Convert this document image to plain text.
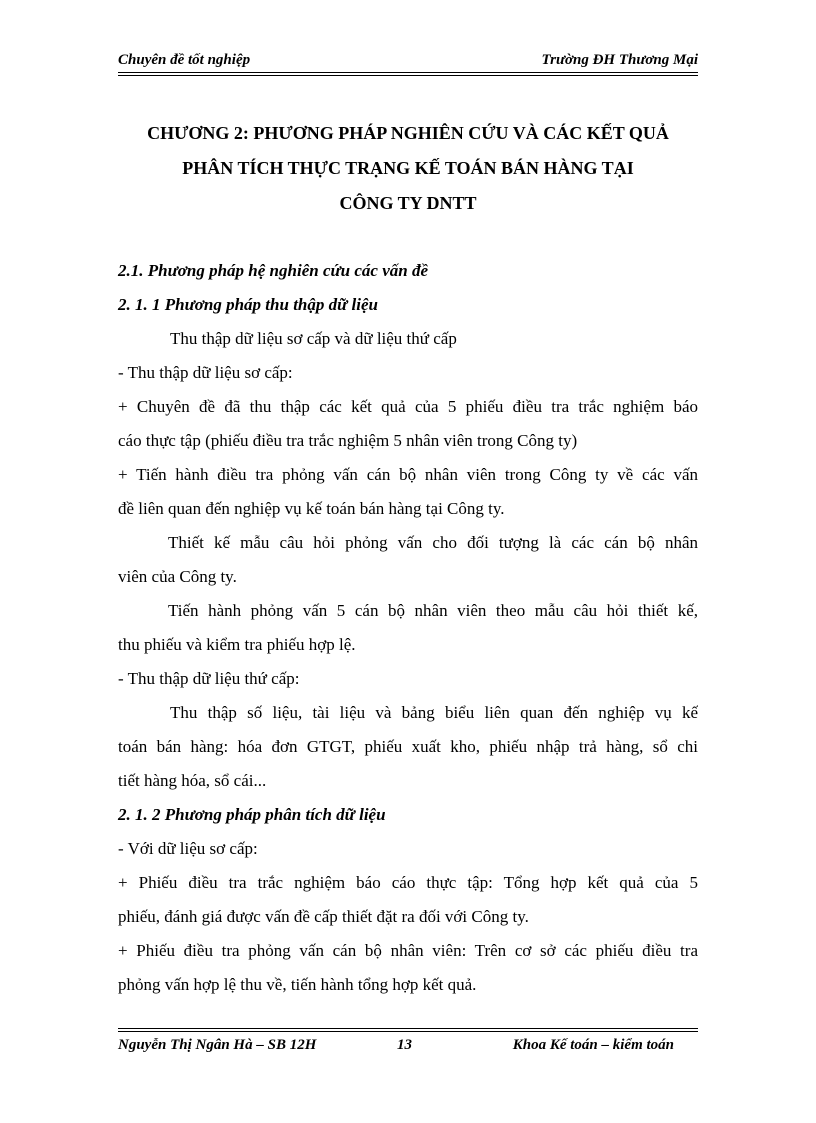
Chuyên đề tốt nghiệp	Trường ĐH Thương Mại
CHƯƠNG 2: PHƯƠNG PHÁP NGHIÊN CỨU VÀ CÁC KẾT QUẢ
PHÂN TÍCH THỰC TRẠNG KẾ TOÁN BÁN HÀNG TẠI
CÔNG TY DNTT
2.1. Phương pháp hệ nghiên cứu các vấn đề
2. 1. 1 Phương pháp thu thập dữ liệu
Thu thập dữ liệu sơ cấp và dữ liệu thứ cấp
- Thu thập dữ liệu sơ cấp:
+ Chuyên đề đã thu thập các kết quả của 5 phiếu điều tra trắc nghiệm báo
cáo thực tập (phiếu điều tra trắc nghiệm 5 nhân viên trong Công ty)
+ Tiến hành điều tra phỏng vấn cán bộ nhân viên trong Công ty về các vấn
đề liên quan đến nghiệp vụ kế toán bán hàng tại Công ty.
Thiết kế mẫu câu hỏi phỏng vấn cho đối tượng là các cán bộ nhân
viên của Công ty.
Tiến hành phỏng vấn 5 cán bộ nhân viên theo mẫu câu hỏi thiết kế,
thu phiếu và kiểm tra phiếu hợp lệ.
- Thu thập dữ liệu thứ cấp:
Thu thập số liệu, tài liệu và bảng biểu liên quan đến nghiệp vụ kế
toán bán hàng: hóa đơn GTGT, phiếu xuất kho, phiếu nhập trả hàng, sổ chi
tiết hàng hóa, sổ cái...
2. 1. 2 Phương pháp phân tích dữ liệu
- Với dữ liệu sơ cấp:
+ Phiếu điều tra trắc nghiệm báo cáo thực tập: Tổng hợp kết quả của 5
phiếu, đánh giá được vấn đề cấp thiết đặt ra đối với Công ty.
+ Phiếu điều tra phỏng vấn cán bộ nhân viên: Trên cơ sở các phiếu điều tra
phỏng vấn hợp lệ thu về, tiến hành tổng hợp kết quả.
Nguyễn Thị Ngân Hà – SB 12H	13	Khoa Kế toán – kiểm toán
